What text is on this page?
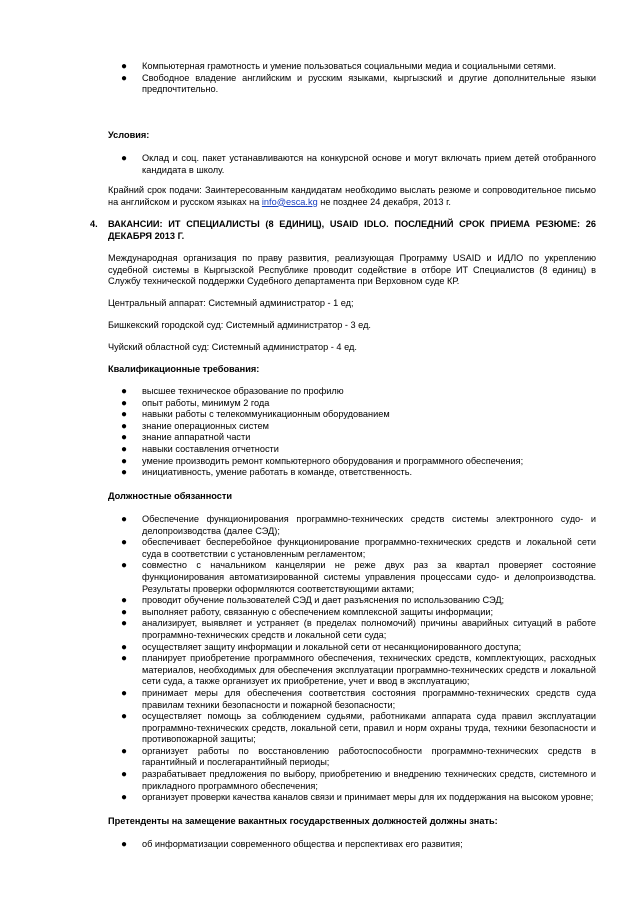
● Компьютерная грамотность и умение пользоваться социальными медиа и социальными сетями.
● Свободное владение английским и русским языками, кыргызский и другие дополнительные языки предпочтительно.
Условия:
● Оклад и соц. пакет устанавливаются на конкурсной основе и могут включать прием детей отобранного кандидата в школу.
Крайний срок подачи: Заинтересованным кандидатам необходимо выслать резюме и сопроводительное письмо на английском и русском языках на info@esca.kg не позднее 24 декабря, 2013 г.
4. ВАКАНСИИ: ИТ СПЕЦИАЛИСТЫ (8 ЕДИНИЦ), USAID IDLO. ПОСЛЕДНИЙ СРОК ПРИЕМА РЕЗЮМЕ: 26 ДЕКАБРЯ 2013 Г.
Международная организация по праву развития, реализующая Программу USAID и ИДЛО по укреплению судебной системы в Кыргызской Республике проводит содействие в отборе ИТ Специалистов (8 единиц) в Службу технической поддержки Судебного департамента при Верховном суде КР.
Центральный аппарат: Системный администратор - 1 ед;
Бишкекский городской суд: Системный администратор - 3 ед.
Чуйский областной суд: Системный администратор - 4 ед.
Квалификационные требования:
● высшее техническое образование по профилю
● опыт работы, минимум 2 года
● навыки работы с телекоммуникационным оборудованием
● знание операционных систем
● знание аппаратной части
● навыки составления отчетности
● умение производить ремонт компьютерного оборудования и программного обеспечения;
● инициативность, умение работать в команде, ответственность.
Должностные обязанности
● Обеспечение функционирования программно-технических средств системы электронного судо- и делопроизводства (далее СЭД);
● обеспечивает бесперебойное функционирование программно-технических средств и локальной сети суда в соответствии с установленным регламентом;
● совместно с начальником канцелярии не реже двух раз за квартал проверяет состояние функционирования автоматизированной системы управления процессами судо- и делопроизводства. Результаты проверки оформляются соответствующими актами;
● проводит обучение пользователей СЭД и дает разъяснения по использованию СЭД;
● выполняет работу, связанную с обеспечением комплексной защиты информации;
● анализирует, выявляет и устраняет (в пределах полномочий) причины аварийных ситуаций в работе программно-технических средств и локальной сети суда;
● осуществляет защиту информации и локальной сети от несанкционированного доступа;
● планирует приобретение программного обеспечения, технических средств, комплектующих, расходных материалов, необходимых для обеспечения эксплуатации программно-технических средств и локальной сети суда, а также организует их приобретение, учет и ввод в эксплуатацию;
● принимает меры для обеспечения соответствия состояния программно-технических средств суда правилам техники безопасности и пожарной безопасности;
● осуществляет помощь за соблюдением судьями, работниками аппарата суда правил эксплуатации программно-технических средств, локальной сети, правил и норм охраны труда, техники безопасности и противопожарной защиты;
● организует работы по восстановлению работоспособности программно-технических средств в гарантийный и послегарантийный периоды;
● разрабатывает предложения по выбору, приобретению и внедрению технических средств, системного и прикладного программного обеспечения;
● организует проверки качества каналов связи и принимает меры для их поддержания на высоком уровне;
Претенденты на замещение вакантных государственных должностей должны знать:
● об информатизации современного общества и перспективах его развития;
